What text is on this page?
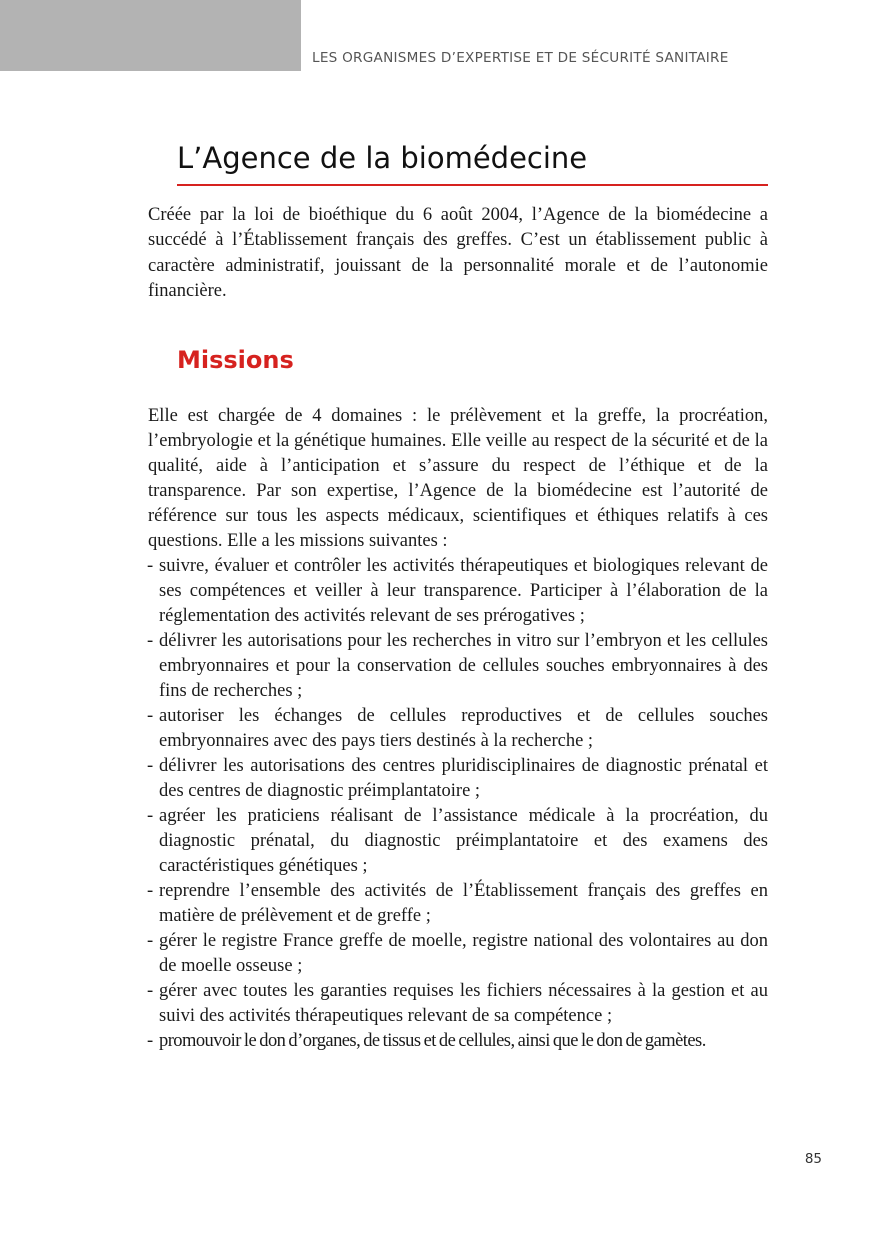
LES ORGANISMES D’EXPERTISE ET DE SÉCURITÉ SANITAIRE
L’Agence de la biomédecine

Créée par la loi de bioéthique du 6 août 2004, l’Agence de la biomédecine a succédé à l’Établissement français des greffes. C’est un établissement public à caractère administratif, jouissant de la personnalité morale et de l’autonomie financière.

Missions

Elle est chargée de 4 domaines : le prélèvement et la greffe, la procréation, l’embryologie et la génétique humaines. Elle veille au respect de la sécurité et de la qualité, aide à l’anticipation et s’assure du respect de l’éthique et de la transparence. Par son expertise, l’Agence de la biomédecine est l’autorité de référence sur tous les aspects médicaux, scientifiques et éthiques relatifs à ces questions. Elle a les missions suivantes :

- suivre, évaluer et contrôler les activités thérapeutiques et biologiques relevant de ses compétences et veiller à leur transparence. Participer à l’élaboration de la réglementation des activités relevant de ses prérogatives ;
- délivrer les autorisations pour les recherches in vitro sur l’embryon et les cellules embryonnaires et pour la conservation de cellules souches embryonnaires à des fins de recherches ;
- autoriser les échanges de cellules reproductives et de cellules souches embryonnaires avec des pays tiers destinés à la recherche ;
- délivrer les autorisations des centres pluridisciplinaires de diagnostic prénatal et des centres de diagnostic préimplantatoire ;
- agréer les praticiens réalisant de l’assistance médicale à la procréation, du diagnostic prénatal, du diagnostic préimplantatoire et des examens des caractéristiques génétiques ;
- reprendre l’ensemble des activités de l’Établissement français des greffes en matière de prélèvement et de greffe ;
- gérer le registre France greffe de moelle, registre national des volontaires au don de moelle osseuse ;
- gérer avec toutes les garanties requises les fichiers nécessaires à la gestion et au suivi des activités thérapeutiques relevant de sa compétence ;
- promouvoir le don d’organes, de tissus et de cellules, ainsi que le don de gamètes.
85
